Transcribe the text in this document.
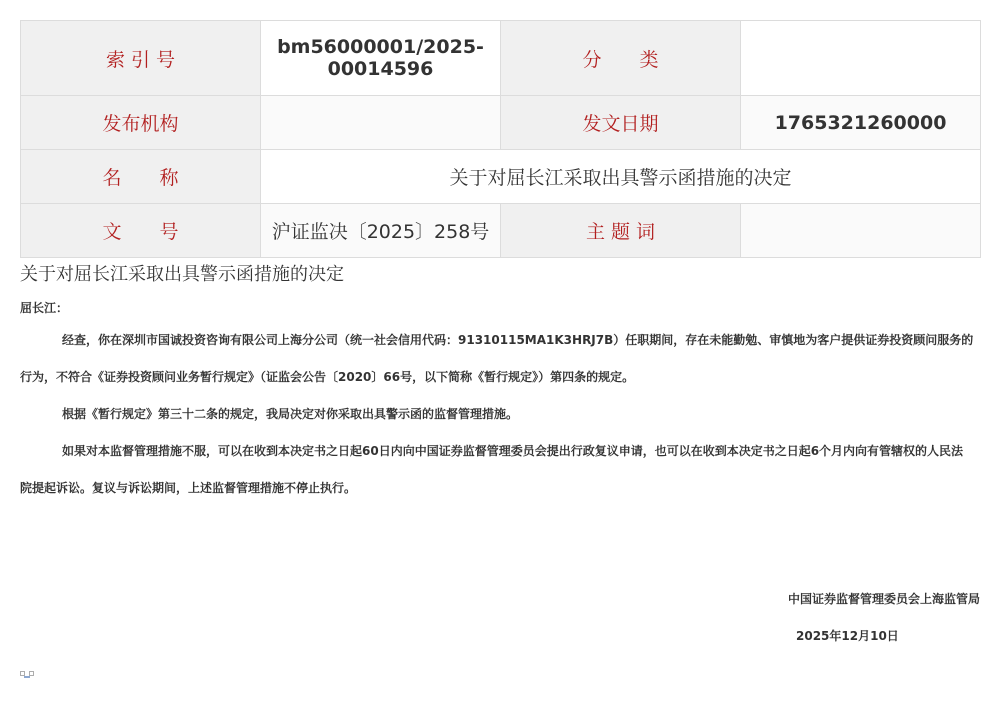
索 引 号	bm56000001/2025-00014596	分　　类	
发布机构		发文日期	1765321260000
名　　称	关于对屈长江采取出具警示函措施的决定		
文　　号	沪证监决〔2025〕258号	主 题 词	
关于对屈长江采取出具警示函措施的决定
屈长江：
经查，你在深圳市国诚投资咨询有限公司上海分公司（统一社会信用代码：91310115MA1K3HRJ7B）任职期间，存在未能勤勉、审慎地为客户提供证券投资顾问服务的行为，不符合《证券投资顾问业务暂行规定》（证监会公告〔2020〕66号，以下简称《暂行规定》）第四条的规定。
根据《暂行规定》第三十二条的规定，我局决定对你采取出具警示函的监督管理措施。
如果对本监督管理措施不服，可以在收到本决定书之日起60日内向中国证券监督管理委员会提出行政复议申请，也可以在收到本决定书之日起6个月内向有管辖权的人民法院提起诉讼。复议与诉讼期间，上述监督管理措施不停止执行。
中国证券监督管理委员会上海监管局
2025年12月10日
